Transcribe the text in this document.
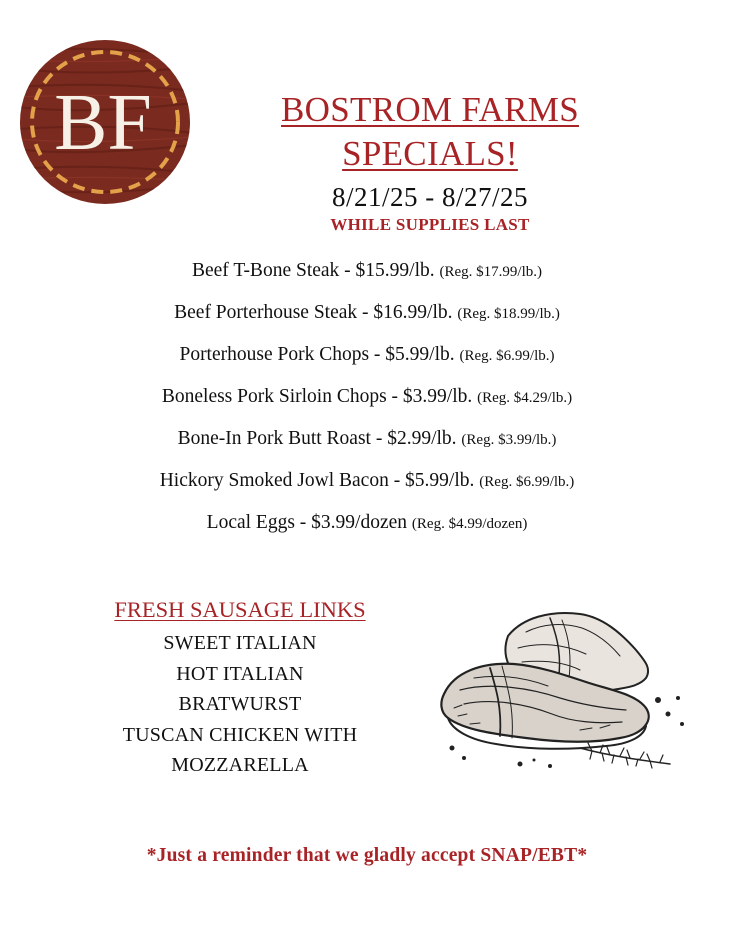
BF	BOSTROM FARMS
SPECIALS!
8/21/25 - 8/27/25
WHILE SUPPLIES LAST
Beef T-Bone Steak - $15.99/lb. (Reg. $17.99/lb.)
Beef Porterhouse Steak - $16.99/lb. (Reg. $18.99/lb.)
Porterhouse Pork Chops - $5.99/lb. (Reg. $6.99/lb.)
Boneless Pork Sirloin Chops - $3.99/lb. (Reg. $4.29/lb.)
Bone-In Pork Butt Roast - $2.99/lb. (Reg. $3.99/lb.)
Hickory Smoked Jowl Bacon - $5.99/lb. (Reg. $6.99/lb.)
Local Eggs - $3.99/dozen (Reg. $4.99/dozen)
FRESH SAUSAGE LINKS
SWEET ITALIAN
HOT ITALIAN
BRATWURST
TUSCAN CHICKEN WITH
MOZZARELLA
*Just a reminder that we gladly accept SNAP/EBT*
